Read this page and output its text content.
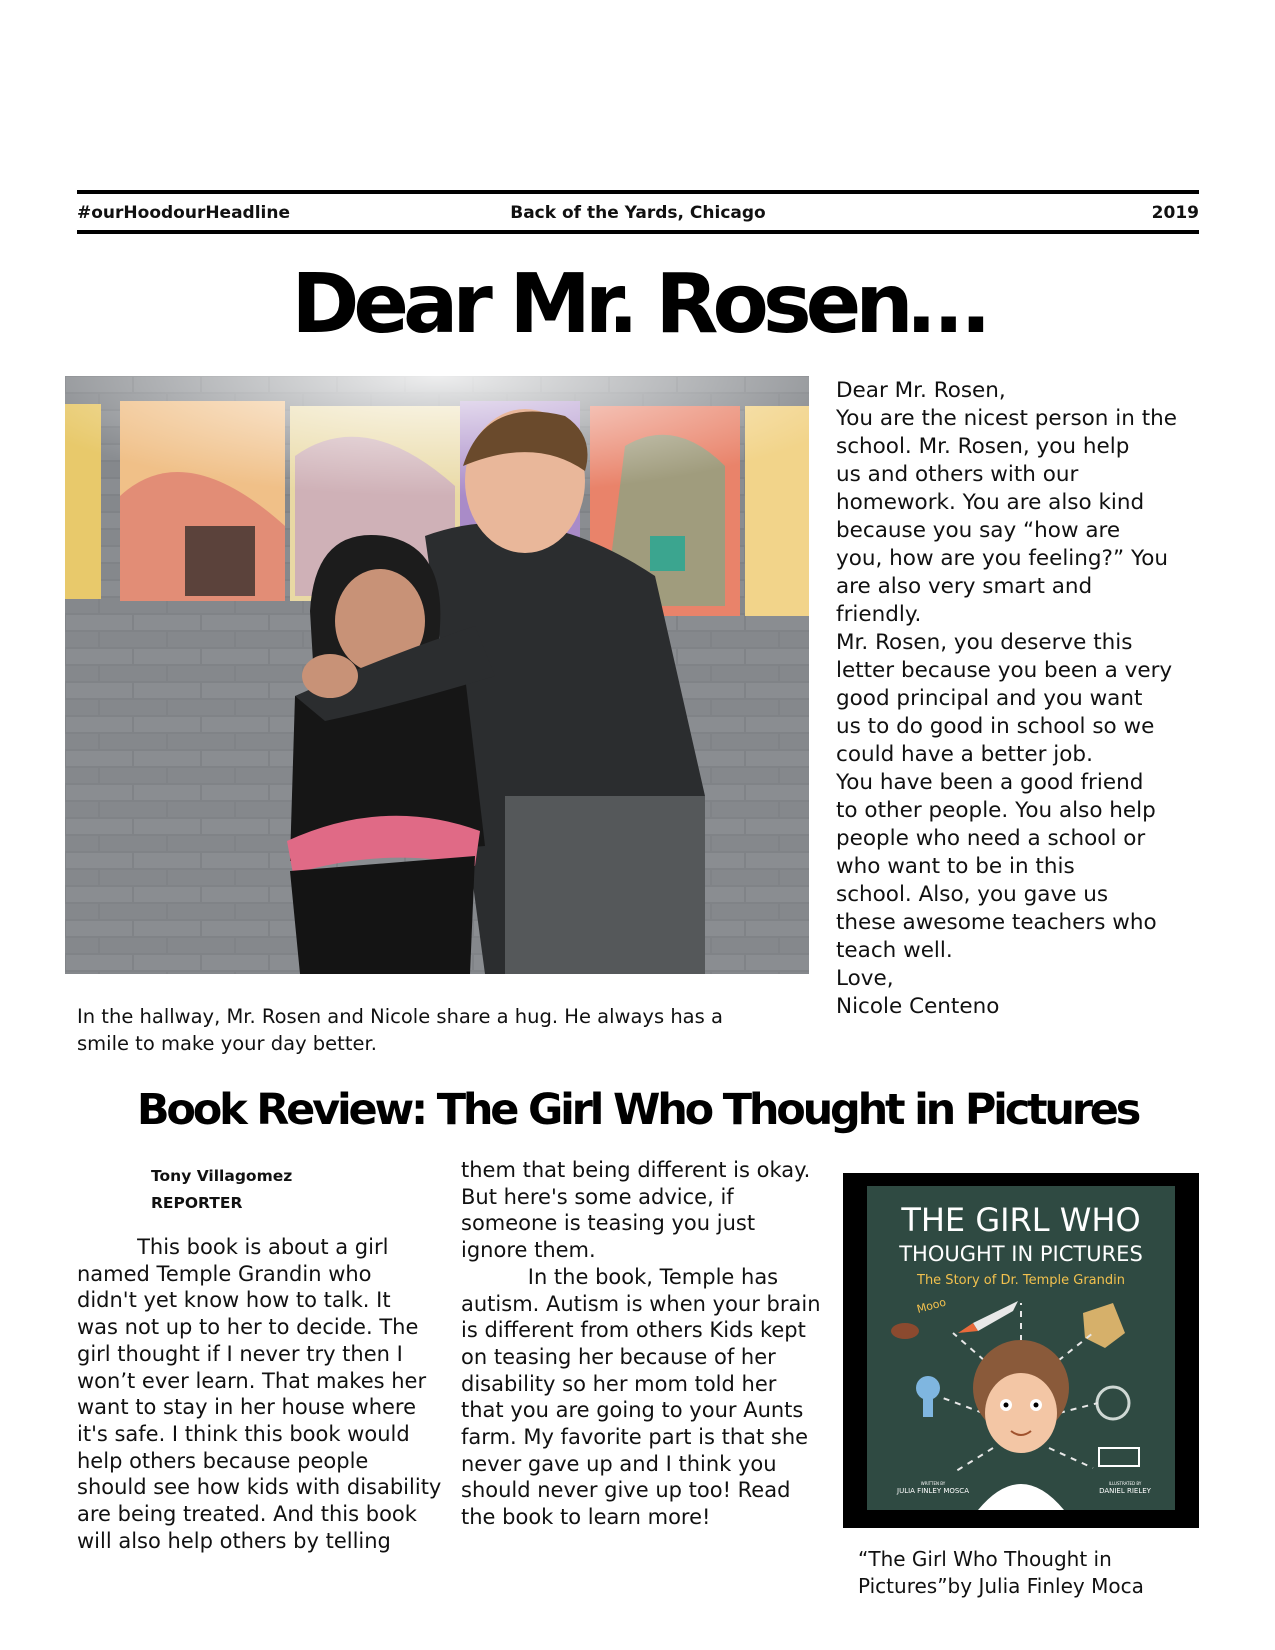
#ourHoodourHeadline	Back of the Yards, Chicago	2019
Dear Mr. Rosen…
In the hallway, Mr. Rosen and Nicole share a hug. He always has a smile to make your day better.
Dear Mr. Rosen,
You are the nicest person in the
school. Mr. Rosen, you help
us and others with our
homework. You are also kind
because you say “how are
you, how are you feeling?” You
are also very smart and
friendly.
Mr. Rosen, you deserve this
letter because you been a very
good principal and you want
us to do good in school so we
could have a better job.
You have been a good friend
to other people. You also help
people who need a school or
who want to be in this
school. Also, you gave us
these awesome teachers who
teach well.
Love,
Nicole Centeno
Book Review: The Girl Who Thought in Pictures
Tony Villagomez
REPORTER
This book is about a girl
named Temple Grandin who
didn't yet know how to talk. It
was not up to her to decide. The
girl thought if I never try then I
won’t ever learn. That makes her
want to stay in her house where
it's safe. I think this book would
help others because people
should see how kids with disability
are being treated. And this book
will also help others by telling
them that being different is okay.
But here's some advice, if
someone is teasing you just
ignore them.
In the book, Temple has
autism. Autism is when your brain
is different from others Kids kept
on teasing her because of her
disability so her mom told her
that you are going to your Aunts
farm. My favorite part is that she
never gave up and I think you
should never give up too! Read
the book to learn more!
THE GIRL WHO
THOUGHT IN PICTURES
The Story of Dr. Temple Grandin
Mooo
WRITTEN BY
JULIA FINLEY MOSCA
ILLUSTRATED BY
DANIEL RIELEY
“The Girl Who Thought in Pictures”by Julia Finley Moca
